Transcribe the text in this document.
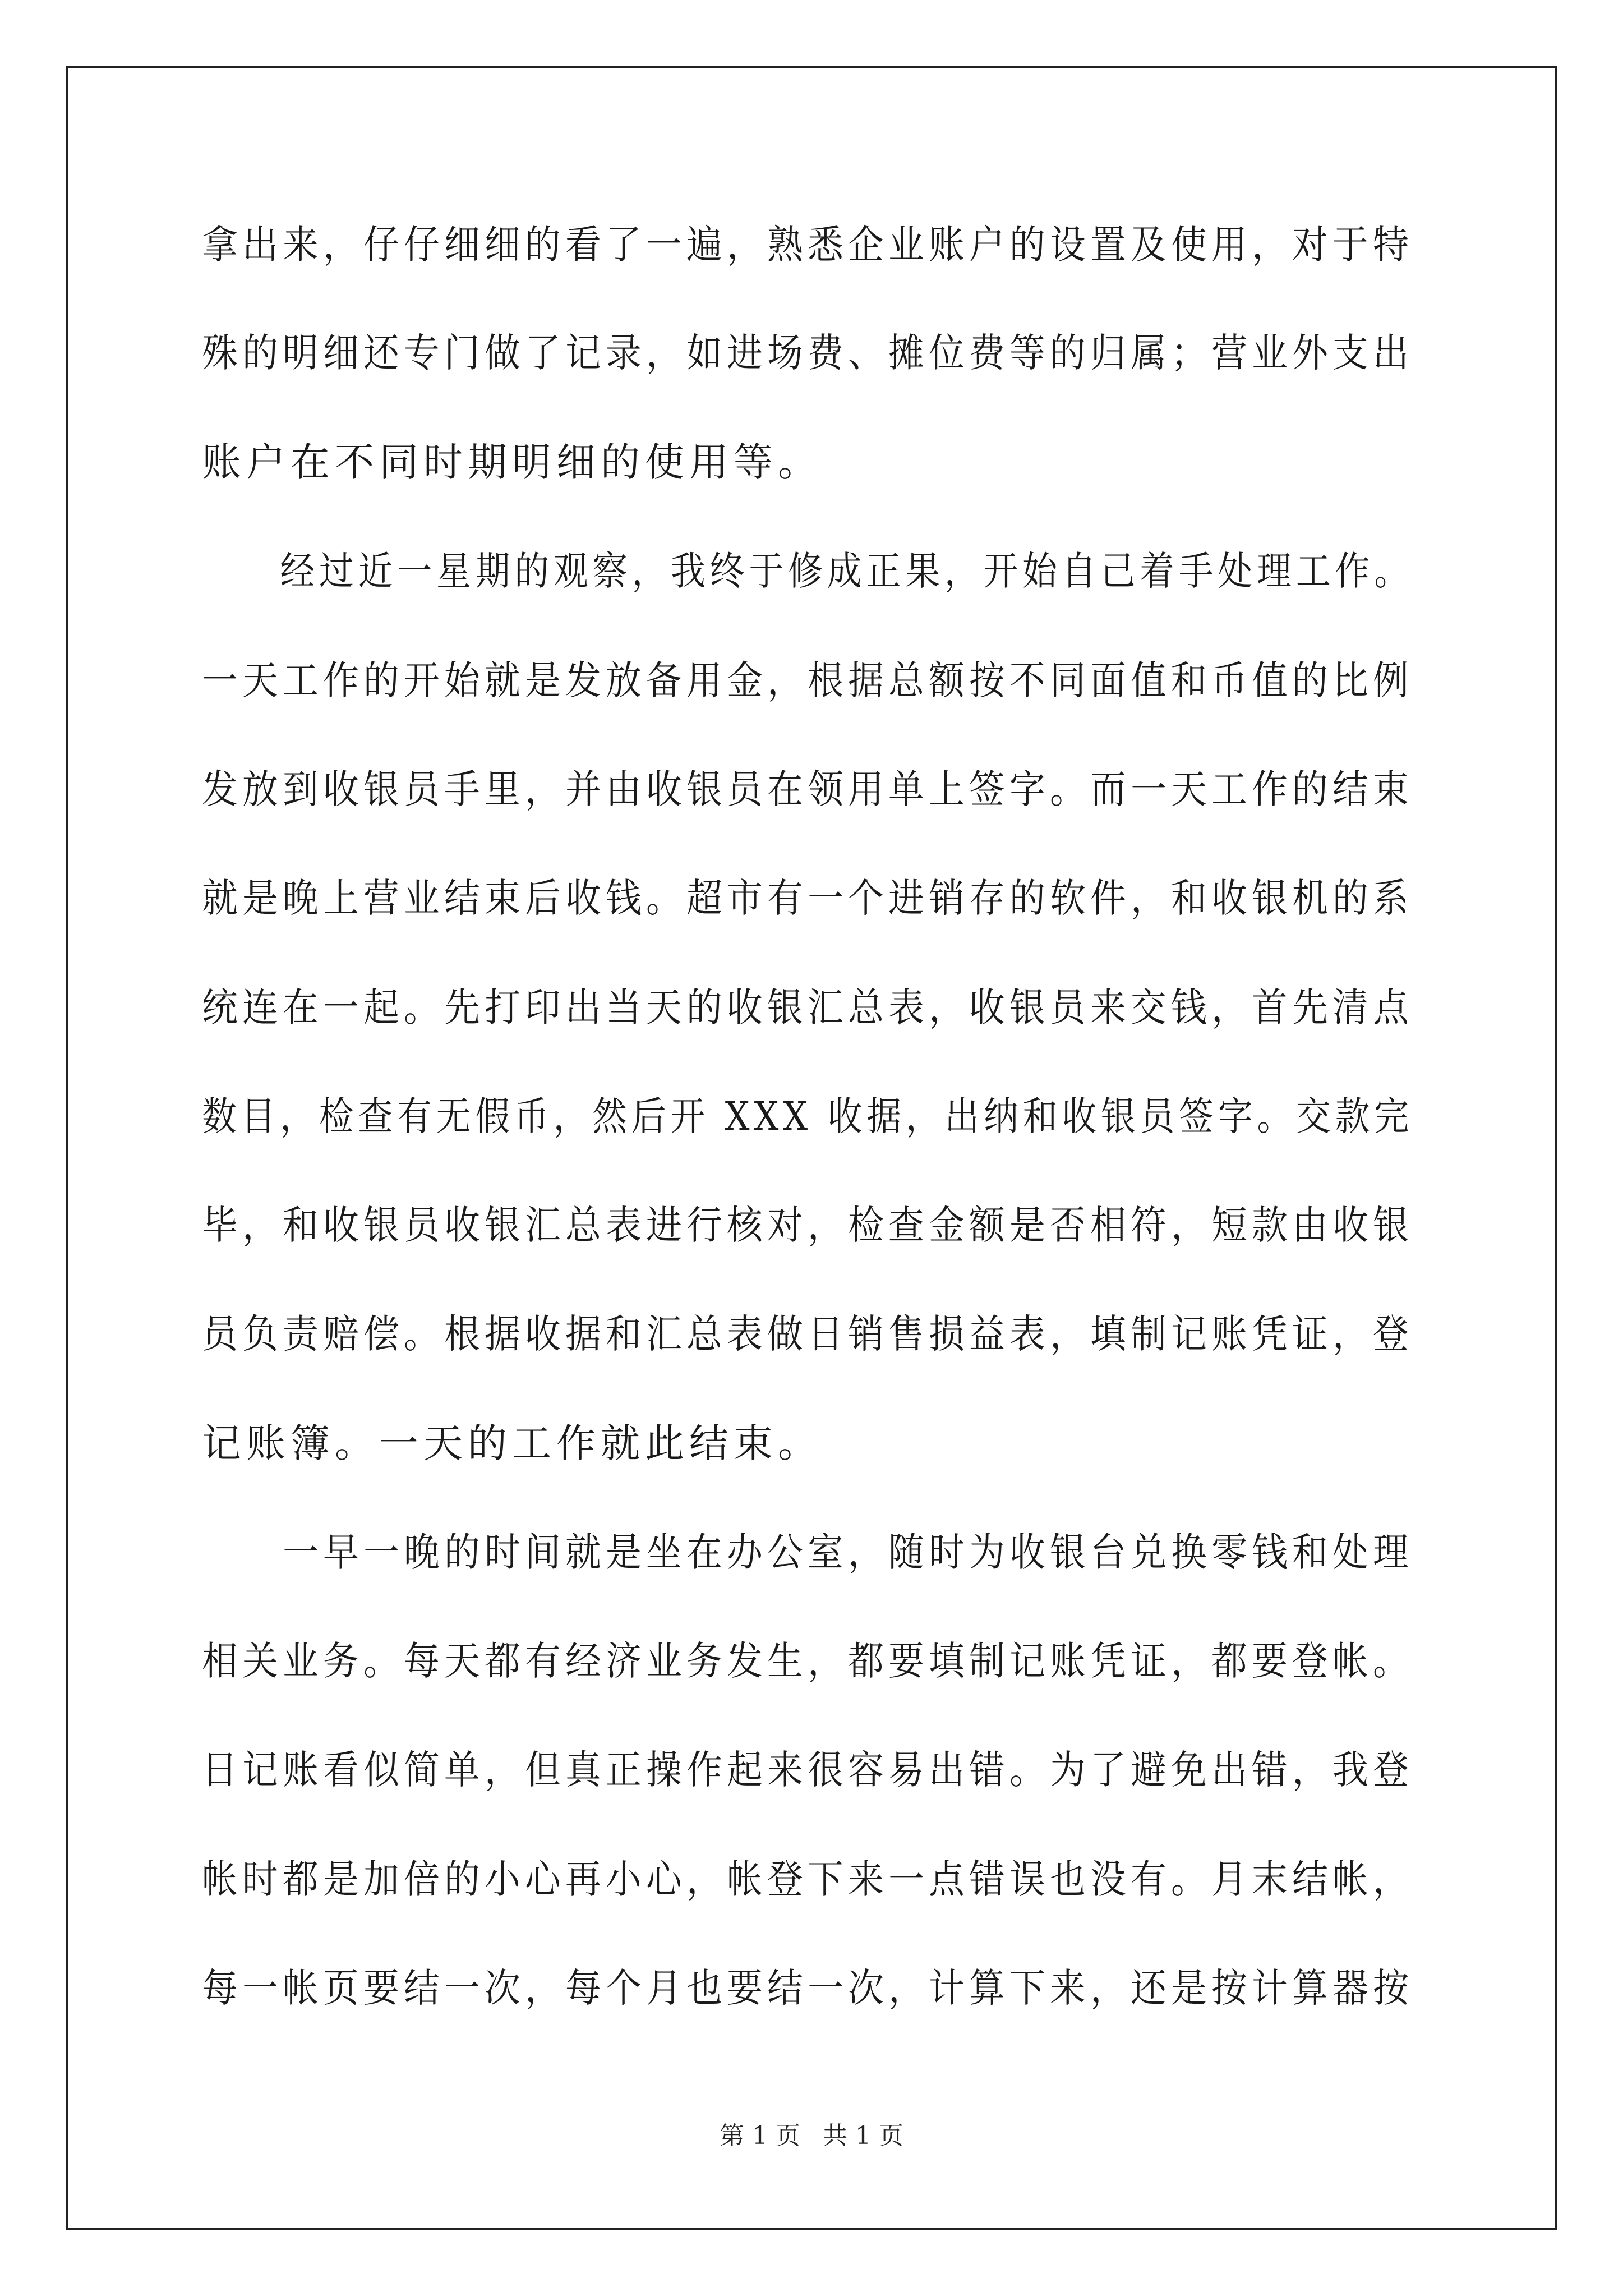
拿出来，仔仔细细的看了一遍，熟悉企业账户的设置及使用，对于特
殊的明细还专门做了记录，如进场费、摊位费等的归属；营业外支出
账户在不同时期明细的使用等。
　　经过近一星期的观察，我终于修成正果，开始自己着手处理工作。
一天工作的开始就是发放备用金，根据总额按不同面值和币值的比例
发放到收银员手里，并由收银员在领用单上签字。而一天工作的结束
就是晚上营业结束后收钱。超市有一个进销存的软件，和收银机的系
统连在一起。先打印出当天的收银汇总表，收银员来交钱，首先清点
数目，检查有无假币，然后开 XXX 收据，出纳和收银员签字。交款完
毕，和收银员收银汇总表进行核对，检查金额是否相符，短款由收银
员负责赔偿。根据收据和汇总表做日销售损益表，填制记账凭证，登
记账簿。一天的工作就此结束。
　　一早一晚的时间就是坐在办公室，随时为收银台兑换零钱和处理
相关业务。每天都有经济业务发生，都要填制记账凭证，都要登帐。
日记账看似简单，但真正操作起来很容易出错。为了避免出错，我登
帐时都是加倍的小心再小心，帐登下来一点错误也没有。月末结帐，
每一帐页要结一次，每个月也要结一次，计算下来，还是按计算器按
第 1 页 共 1 页
